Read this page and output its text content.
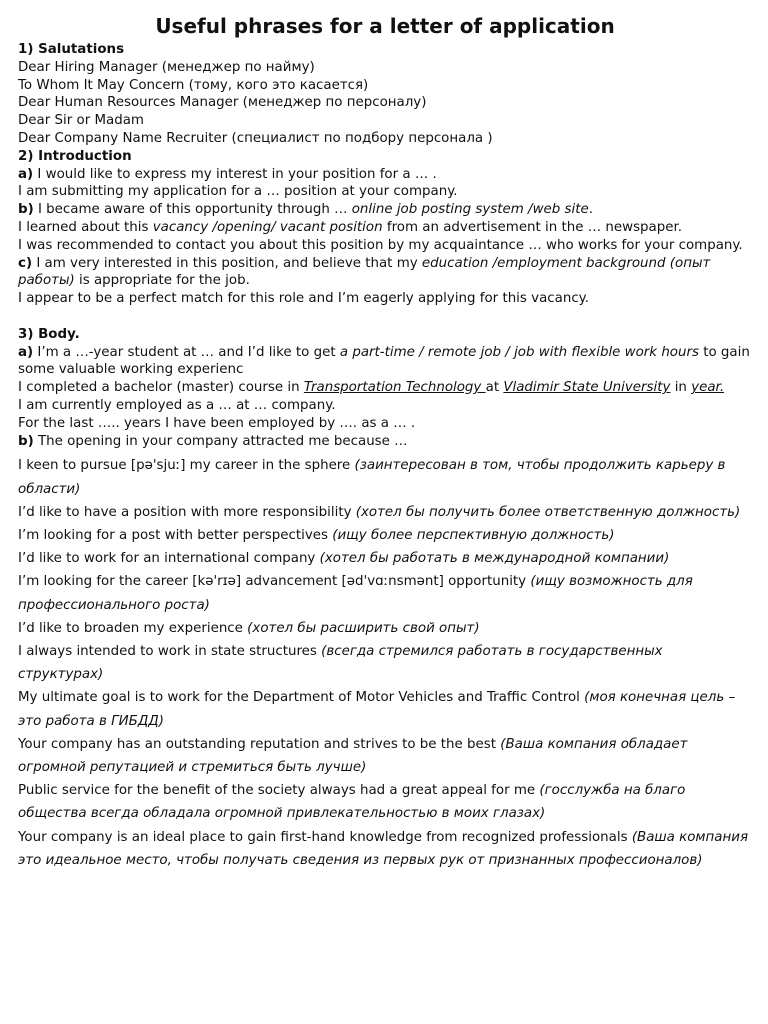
Useful phrases for a letter of application
1) Salutations
Dear Hiring Manager (менеджер по найму)
To Whom It May Concern (тому, кого это касается)
Dear Human Resources Manager (менеджер по персоналу)
Dear Sir or Madam
Dear Company Name Recruiter (специалист по подбору персонала )
2) Introduction
a) I would like to express my interest in your position for a … .
I am submitting my application for a … position at your company.
b) I became aware of this opportunity through … online job posting system /web site.
I learned about this vacancy /opening/ vacant position from an advertisement in the … newspaper.
I was recommended to contact you about this position by my acquaintance … who works for your company.
c) I am very interested in this position, and believe that my education /employment background (опыт работы) is appropriate for the job.
I appear to be a perfect match for this role and I’m eagerly applying for this vacancy.
3) Body.
a) I’m a …-year student at … and I’d like to get a part-time / remote job / job with flexible work hours to gain some valuable working experienc
I completed a bachelor (master) course in Transportation Technology at Vladimir State University in year.
I am currently employed as a … at … company.
For the last ….. years I have been employed by …. as a … .
b) The opening in your company attracted me because …
I keen to pursue [pə'sjuː] my career in the sphere (заинтересован в том, чтобы продолжить карьеру в области)
I’d like to have a position with more responsibility (хотел бы получить более ответственную должность)
I’m looking for a post with better perspectives (ищу более перспективную должность)
I’d like to work for an international company (хотел бы работать в международной компании)
I’m looking for the career [kə'rɪə] advancement [əd'vɑːnsmənt] opportunity (ищу возможность для профессионального роста)
I’d like to broaden my experience (хотел бы расширить свой опыт)
I always intended to work in state structures (всегда стремился работать в государственных структурах)
My ultimate goal is to work for the Department of Motor Vehicles and Traffic Control (моя конечная цель – это работа в ГИБДД)
Your company has an outstanding reputation and strives to be the best (Ваша компания обладает огромной репутацией и стремиться быть лучше)
Public service for the benefit of the society always had a great appeal for me (госслужба на благо общества всегда обладала огромной привлекательностью в моих глазах)
Your company is an ideal place to gain first-hand knowledge from recognized professionals (Ваша компания это идеальное место, чтобы получать сведения из первых рук от признанных профессионалов)
